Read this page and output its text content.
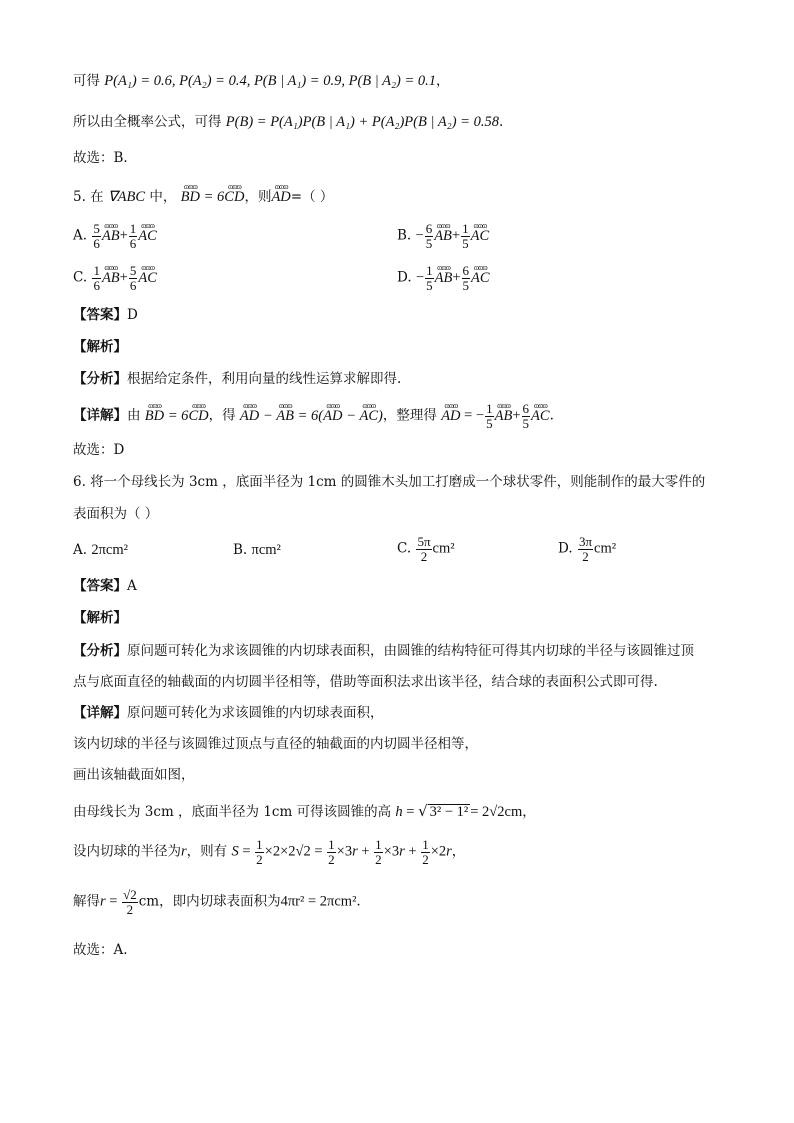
可得 P(A₁) = 0.6, P(A₂) = 0.4, P(B | A₁) = 0.9, P(B | A₂) = 0.1，
所以由全概率公式，可得 P(B) = P(A₁)P(B | A₁) + P(A₂)P(B | A₂) = 0.58.
故选：B.
5. 在 ∇ABC 中， ɷɷɷ BD = 6ɷɷɷ CD，则ɷɷɷ AD=（ ）
A. $\frac{5}{6}$ ɷɷɷ $AB+ \frac{1}{6}$ ɷɷɷ AC	B. − $\frac{6}{5}$ ɷɷɷ $AB+ \frac{1}{5}$ ɷɷɷ AC
C. $\frac{1}{6}$ ɷɷɷ $AB+ \frac{5}{6}$ ɷɷɷ AC	D. − $\frac{1}{5}$ ɷɷɷ $AB+ \frac{6}{5}$ ɷɷɷ AC
【答案】D
【解析】
【分析】根据给定条件，利用向量的线性运算求解即得.
【详解】由 ɷɷɷ BD = 6ɷɷɷ CD，得 ɷɷɷ AD − ɷɷɷ AB = 6(ɷɷɷ AD − ɷɷɷ AC)，整理得 ɷɷɷ AD = − $\frac{1}{5}$ ɷɷɷ $AB+ \frac{6}{5}$ ɷɷɷ AC.
故选：D
6. 将一个母线长为 3cm ，底面半径为 1cm 的圆锥木头加工打磨成一个球状零件，则能制作的最大零件的
表面积为（ ）
A. 2πcm²	B. πcm²	C. $\frac{5\pi}{2} cm^2$	D. $\frac{3\pi}{2} cm^2$
【答案】A
【解析】
【分析】原问题可转化为求该圆锥的内切球表面积，由圆锥的结构特征可得其内切球的半径与该圆锥过顶
点与底面直径的轴截面的内切圆半径相等，借助等面积法求出该半径，结合球的表面积公式即可得.
【详解】原问题可转化为求该圆锥的内切球表面积，
该内切球的半径与该圆锥过顶点与直径的轴截面的内切圆半径相等，
画出该轴截面如图，
由母线长为 3cm ，底面半径为 1cm 可得该圆锥的高 h = √ 3² − 1² = 2√2cm，
设内切球的半径为r，则有 $S = \frac{1}{2} \times 2\times 2√2 = \frac{1}{2} \times 3r + \frac{1}{2} \times 3r + \frac{1}{2} \times 2r$，
解得$r = \frac{√2}{2}$ cm，即内切球表面积为4πr² = 2πcm².
故选：A.
